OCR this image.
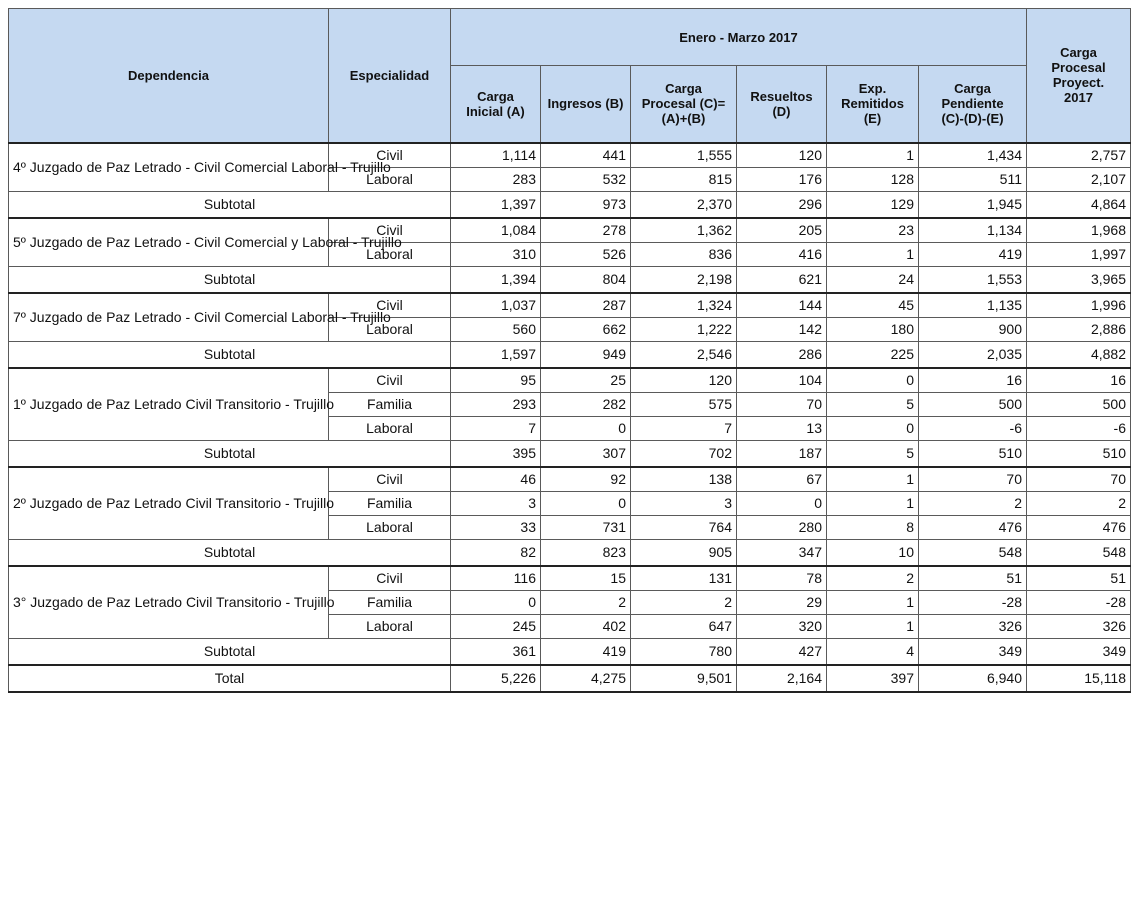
Dependencia	Especialidad	Enero - Marzo 2017						Carga Procesal Proyect. 2017
		Carga Inicial (A)	Ingresos (B)	Carga Procesal (C)=(A)+(B)	Resueltos (D)	Exp. Remitidos (E)	Carga Pendiente (C)-(D)-(E)	
4º Juzgado de Paz Letrado - Civil Comercial Laboral - Trujillo	Civil	1,114	441	1,555	120	1	1,434	2,757
	Laboral	283	532	815	176	128	511	2,107
Subtotal		1,397	973	2,370	296	129	1,945	4,864
5º Juzgado de Paz Letrado - Civil Comercial y Laboral - Trujillo	Civil	1,084	278	1,362	205	23	1,134	1,968
	Laboral	310	526	836	416	1	419	1,997
Subtotal		1,394	804	2,198	621	24	1,553	3,965
7º Juzgado de Paz Letrado - Civil Comercial Laboral - Trujillo	Civil	1,037	287	1,324	144	45	1,135	1,996
	Laboral	560	662	1,222	142	180	900	2,886
Subtotal		1,597	949	2,546	286	225	2,035	4,882
1º Juzgado de Paz Letrado Civil Transitorio - Trujillo	Civil	95	25	120	104	0	16	16
	Familia	293	282	575	70	5	500	500
	Laboral	7	0	7	13	0	-6	-6
Subtotal		395	307	702	187	5	510	510
2º Juzgado de Paz Letrado Civil Transitorio - Trujillo	Civil	46	92	138	67	1	70	70
	Familia	3	0	3	0	1	2	2
	Laboral	33	731	764	280	8	476	476
Subtotal		82	823	905	347	10	548	548
3° Juzgado de Paz Letrado Civil Transitorio - Trujillo	Civil	116	15	131	78	2	51	51
	Familia	0	2	2	29	1	-28	-28
	Laboral	245	402	647	320	1	326	326
Subtotal		361	419	780	427	4	349	349
Total		5,226	4,275	9,501	2,164	397	6,940	15,118
